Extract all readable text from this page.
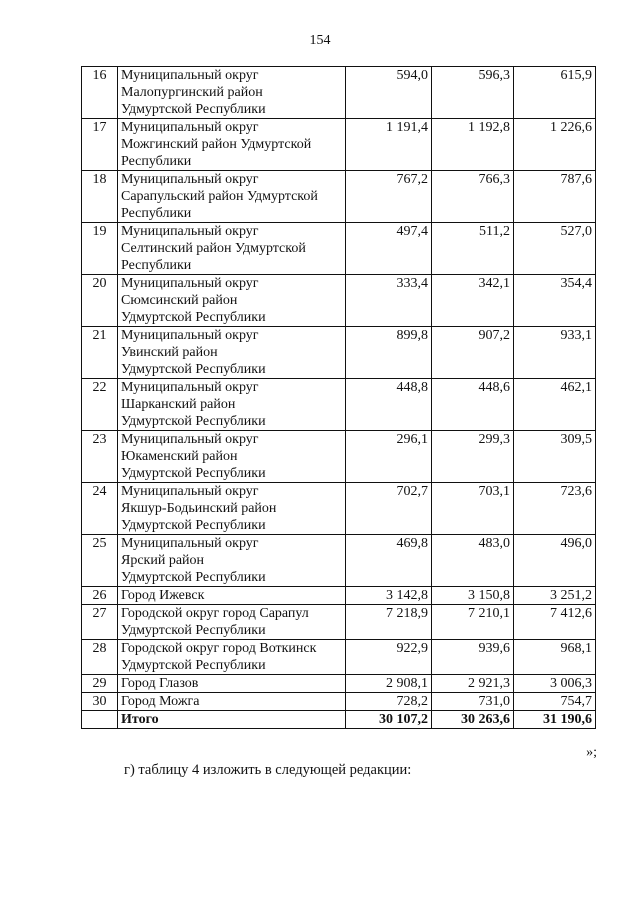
154
16	Муниципальный округ
Малопургинский район
Удмуртской Республики	594,0	596,3	615,9
17	Муниципальный округ
Можгинский район Удмуртской
Республики	1 191,4	1 192,8	1 226,6
18	Муниципальный округ
Сарапульский район Удмуртской
Республики	767,2	766,3	787,6
19	Муниципальный округ
Селтинский район Удмуртской
Республики	497,4	511,2	527,0
20	Муниципальный округ
Сюмсинский район
Удмуртской Республики	333,4	342,1	354,4
21	Муниципальный округ
Увинский район
Удмуртской Республики	899,8	907,2	933,1
22	Муниципальный округ
Шарканский район
Удмуртской Республики	448,8	448,6	462,1
23	Муниципальный округ
Юкаменский район
Удмуртской Республики	296,1	299,3	309,5
24	Муниципальный округ
Якшур-Бодьинский район
Удмуртской Республики	702,7	703,1	723,6
25	Муниципальный округ
Ярский район
Удмуртской Республики	469,8	483,0	496,0
26	Город Ижевск	3 142,8	3 150,8	3 251,2
27	Городской округ город Сарапул
Удмуртской Республики	7 218,9	7 210,1	7 412,6
28	Городской округ город Воткинск
Удмуртской Республики	922,9	939,6	968,1
29	Город Глазов	2 908,1	2 921,3	3 006,3
30	Город Можга	728,2	731,0	754,7
	Итого	30 107,2	30 263,6	31 190,6
»;
г) таблицу 4 изложить в следующей редакции:
